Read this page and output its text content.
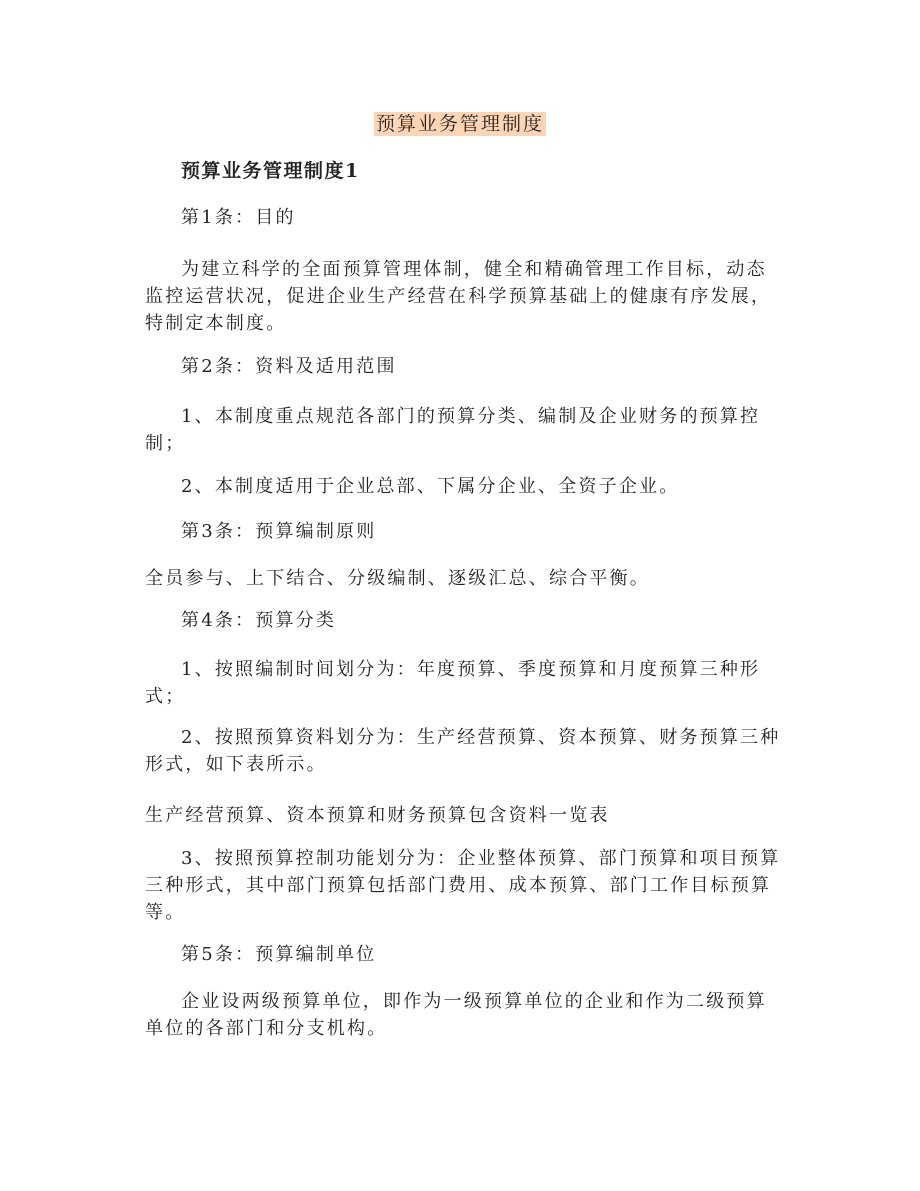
预算业务管理制度

预算业务管理制度1

第1条：目的

为建立科学的全面预算管理体制，健全和精确管理工作目标，动态监控运营状况，促进企业生产经营在科学预算基础上的健康有序发展，特制定本制度。

第2条：资料及适用范围

1、本制度重点规范各部门的预算分类、编制及企业财务的预算控制；

2、本制度适用于企业总部、下属分企业、全资子企业。

第3条：预算编制原则

全员参与、上下结合、分级编制、逐级汇总、综合平衡。

第4条：预算分类

1、按照编制时间划分为：年度预算、季度预算和月度预算三种形式；

2、按照预算资料划分为：生产经营预算、资本预算、财务预算三种形式，如下表所示。

生产经营预算、资本预算和财务预算包含资料一览表

3、按照预算控制功能划分为：企业整体预算、部门预算和项目预算三种形式，其中部门预算包括部门费用、成本预算、部门工作目标预算等。

第5条：预算编制单位

企业设两级预算单位，即作为一级预算单位的企业和作为二级预算单位的各部门和分支机构。
